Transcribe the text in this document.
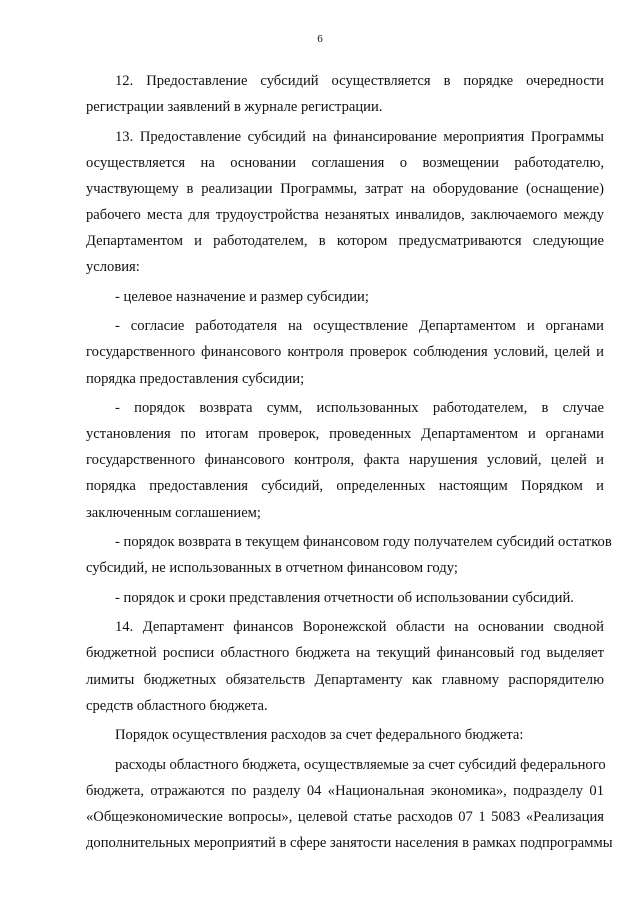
6

12. Предоставление субсидий осуществляется в порядке очередности
регистрации заявлений в журнале регистрации.

13. Предоставление субсидий на финансирование мероприятия Программы
осуществляется на основании соглашения о возмещении работодателю,
участвующему в реализации Программы, затрат на оборудование (оснащение)
рабочего места для трудоустройства незанятых инвалидов, заключаемого между
Департаментом и работодателем, в котором предусматриваются следующие
условия:

- целевое назначение и размер субсидии;

- согласие работодателя на осуществление Департаментом и органами
государственного финансового контроля проверок соблюдения условий, целей и
порядка предоставления субсидии;

- порядок возврата сумм, использованных работодателем, в случае
установления по итогам проверок, проведенных Департаментом и органами
государственного финансового контроля, факта нарушения условий, целей и
порядка предоставления субсидий, определенных настоящим Порядком и
заключенным соглашением;

- порядок возврата в текущем финансовом году получателем субсидий остатков
субсидий, не использованных в отчетном финансовом году;

- порядок и сроки представления отчетности об использовании субсидий.

14. Департамент финансов Воронежской области на основании сводной
бюджетной росписи областного бюджета на текущий финансовый год выделяет
лимиты бюджетных обязательств Департаменту как главному распорядителю
средств областного бюджета.

Порядок осуществления расходов за счет федерального бюджета:

расходы областного бюджета, осуществляемые за счет субсидий федерального
бюджета, отражаются по разделу 04 «Национальная экономика», подразделу 01
«Общеэкономические вопросы», целевой статье расходов 07 1 5083 «Реализация
дополнительных мероприятий в сфере занятости населения в рамках подпрограммы
